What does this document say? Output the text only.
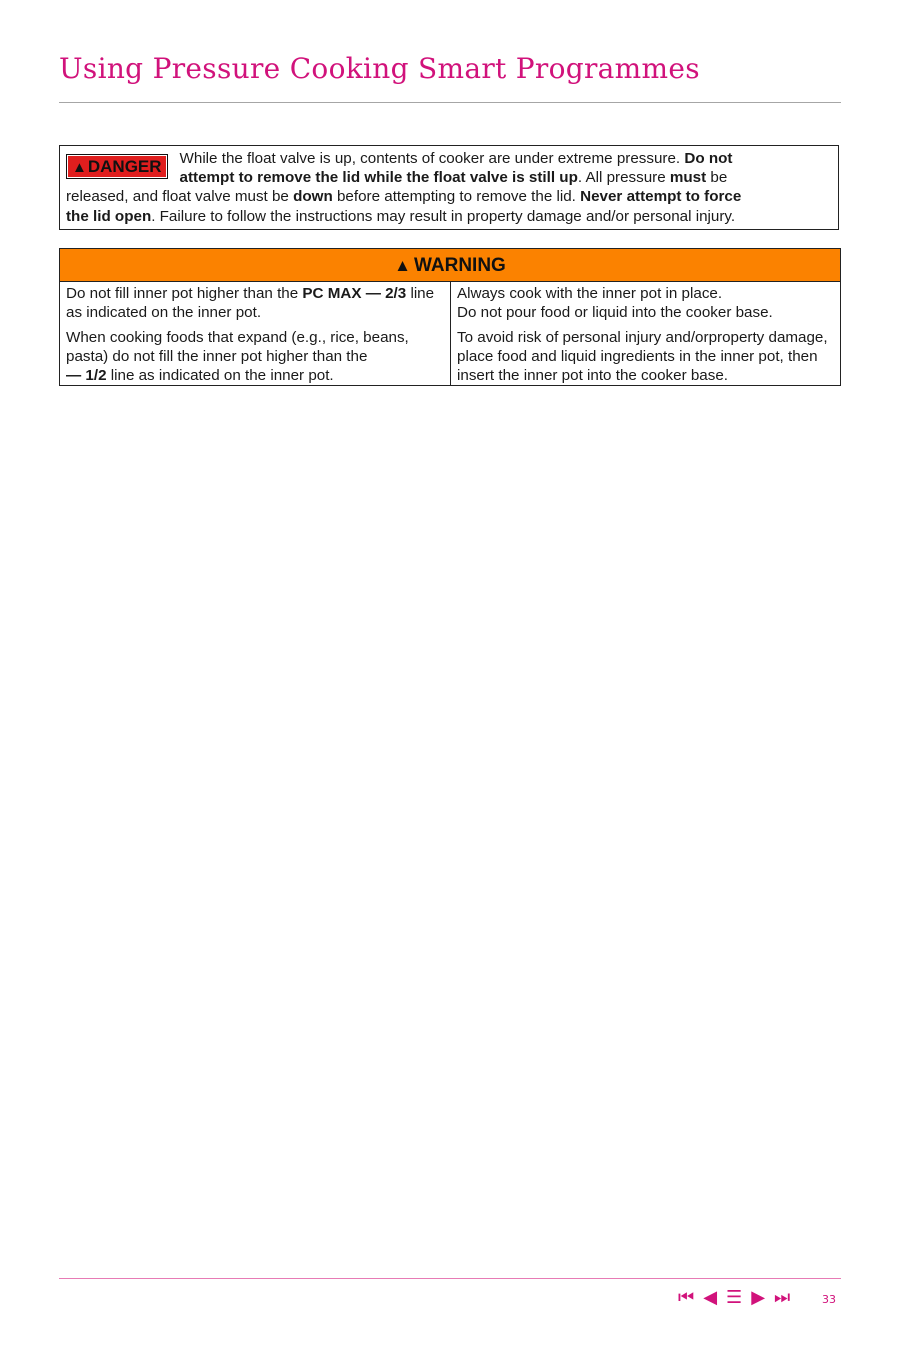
Using Pressure Cooking Smart Programmes
▲DANGER	While the float valve is up, contents of cooker are under extreme pressure. Do not
attempt to remove the lid while the float valve is still up. All pressure must be
released, and float valve must be down before attempting to remove the lid. Never attempt to force
the lid open. Failure to follow the instructions may result in property damage and/or personal injury.
▲ WARNING

Do not fill inner pot higher than the PC MAX — 2/3 line as indicated on the inner pot.

When cooking foods that expand (e.g., rice, beans, pasta) do not fill the inner pot higher than the
— 1/2 line as indicated on the inner pot.

Always cook with the inner pot in place.
Do not pour food or liquid into the cooker base.

To avoid risk of personal injury and/orproperty damage, place food and liquid ingredients in the inner pot, then insert the inner pot into the cooker base.

⏮ ◀ ☰ ▶ ⏭	33
